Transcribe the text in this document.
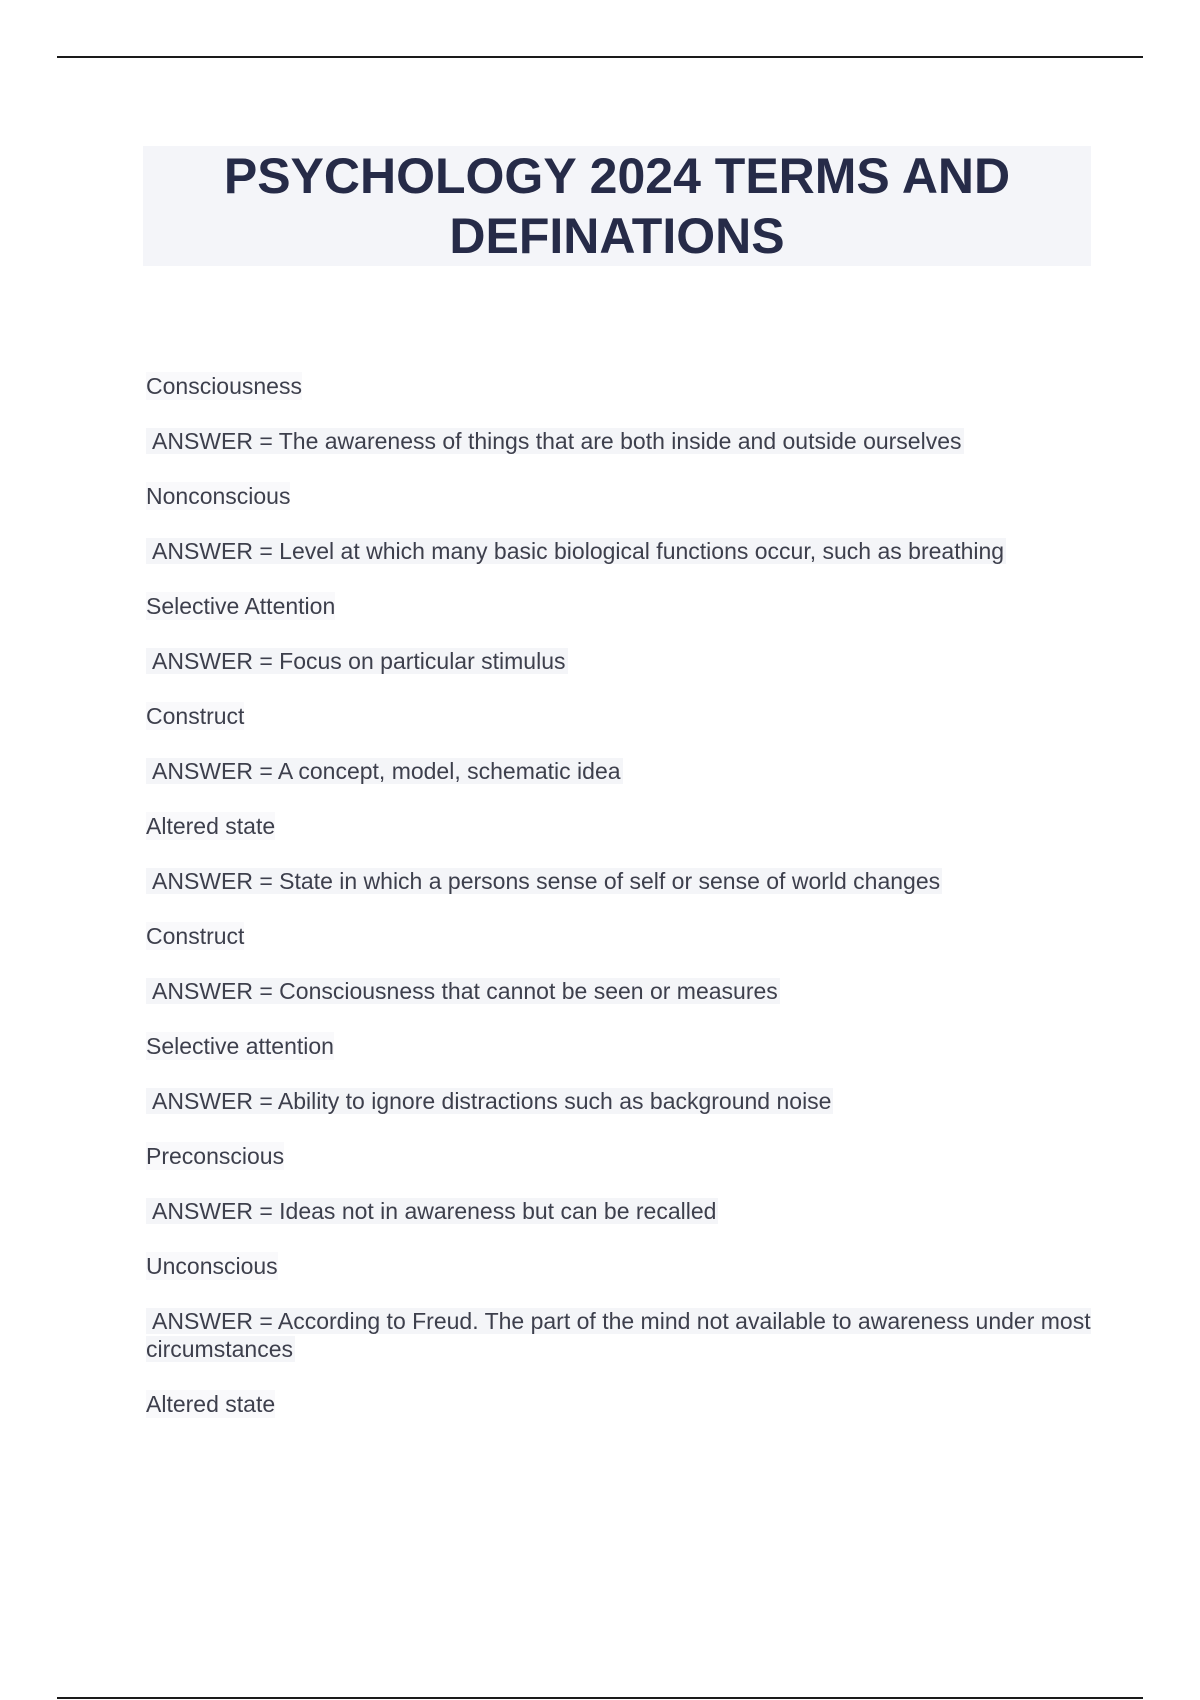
PSYCHOLOGY 2024 TERMS AND DEFINATIONS
Consciousness
ANSWER = The awareness of things that are both inside and outside ourselves
Nonconscious
ANSWER = Level at which many basic biological functions occur, such as breathing
Selective Attention
ANSWER = Focus on particular stimulus
Construct
ANSWER = A concept, model, schematic idea
Altered state
ANSWER = State in which a persons sense of self or sense of world changes
Construct
ANSWER = Consciousness that cannot be seen or measures
Selective attention
ANSWER = Ability to ignore distractions such as background noise
Preconscious
ANSWER = Ideas not in awareness but can be recalled
Unconscious
ANSWER = According to Freud. The part of the mind not available to awareness under most circumstances
Altered state
